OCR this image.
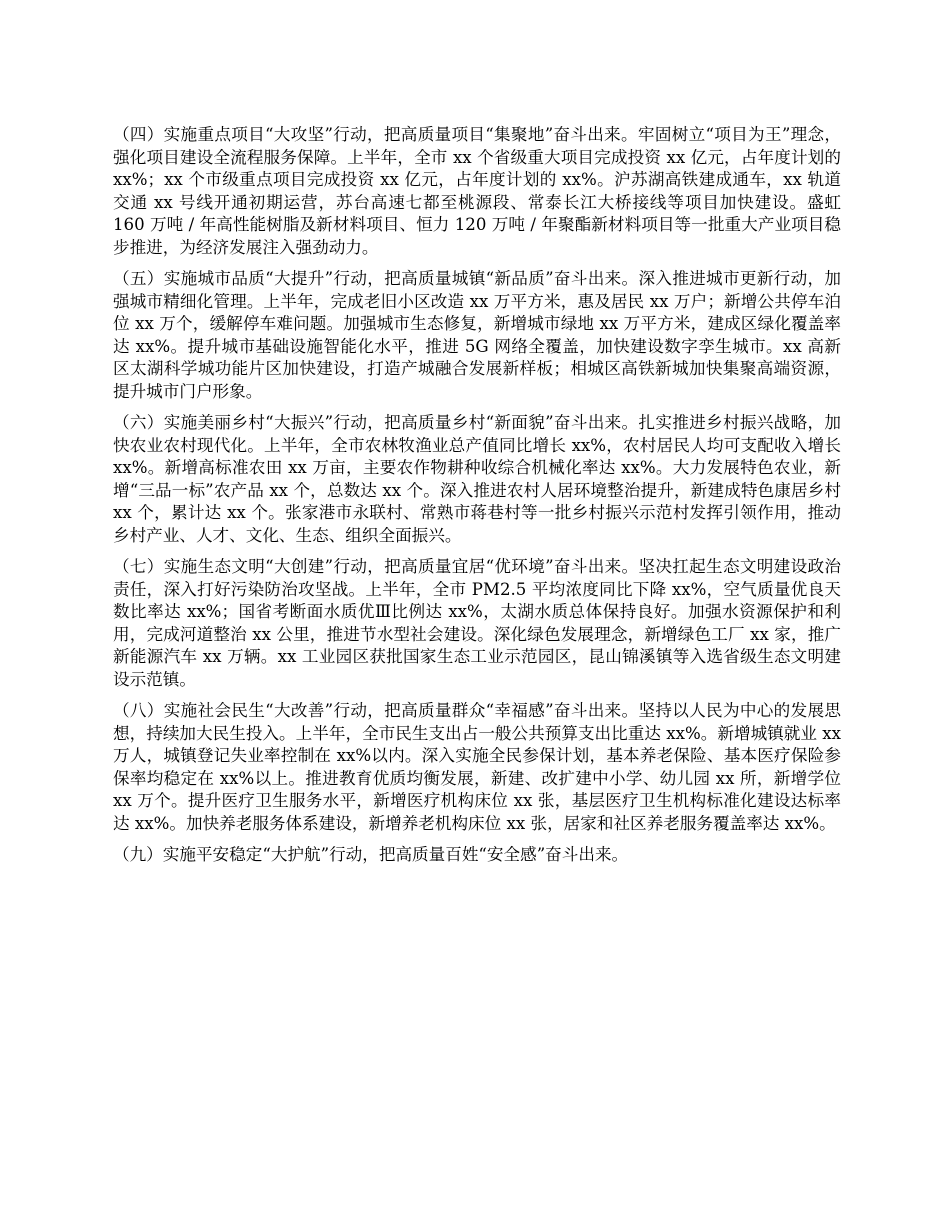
（四）实施重点项目“大攻坚”行动，把高质量项目“集聚地”奋斗出来。牢固树立“项目为王”理念，强化项目建设全流程服务保障。上半年，全市 xx 个省级重大项目完成投资 xx 亿元，占年度计划的 xx%；xx 个市级重点项目完成投资 xx 亿元，占年度计划的 xx%。沪苏湖高铁建成通车，xx 轨道交通 xx 号线开通初期运营，苏台高速七都至桃源段、常泰长江大桥接线等项目加快建设。盛虹 160 万吨 / 年高性能树脂及新材料项目、恒力 120 万吨 / 年聚酯新材料项目等一批重大产业项目稳步推进，为经济发展注入强劲动力。

（五）实施城市品质“大提升”行动，把高质量城镇“新品质”奋斗出来。深入推进城市更新行动，加强城市精细化管理。上半年，完成老旧小区改造 xx 万平方米，惠及居民 xx 万户；新增公共停车泊位 xx 万个，缓解停车难问题。加强城市生态修复，新增城市绿地 xx 万平方米，建成区绿化覆盖率达 xx%。提升城市基础设施智能化水平，推进 5G 网络全覆盖，加快建设数字孪生城市。xx 高新区太湖科学城功能片区加快建设，打造产城融合发展新样板；相城区高铁新城加快集聚高端资源，提升城市门户形象。

（六）实施美丽乡村“大振兴”行动，把高质量乡村“新面貌”奋斗出来。扎实推进乡村振兴战略，加快农业农村现代化。上半年，全市农林牧渔业总产值同比增长 xx%，农村居民人均可支配收入增长 xx%。新增高标准农田 xx 万亩，主要农作物耕种收综合机械化率达 xx%。大力发展特色农业，新增“三品一标”农产品 xx 个，总数达 xx 个。深入推进农村人居环境整治提升，新建成特色康居乡村 xx 个，累计达 xx 个。张家港市永联村、常熟市蒋巷村等一批乡村振兴示范村发挥引领作用，推动乡村产业、人才、文化、生态、组织全面振兴。

（七）实施生态文明“大创建”行动，把高质量宜居“优环境”奋斗出来。坚决扛起生态文明建设政治责任，深入打好污染防治攻坚战。上半年，全市 PM2.5 平均浓度同比下降 xx%，空气质量优良天数比率达 xx%；国省考断面水质优Ⅲ比例达 xx%，太湖水质总体保持良好。加强水资源保护和利用，完成河道整治 xx 公里，推进节水型社会建设。深化绿色发展理念，新增绿色工厂 xx 家，推广新能源汽车 xx 万辆。xx 工业园区获批国家生态工业示范园区，昆山锦溪镇等入选省级生态文明建设示范镇。

（八）实施社会民生“大改善”行动，把高质量群众“幸福感”奋斗出来。坚持以人民为中心的发展思想，持续加大民生投入。上半年，全市民生支出占一般公共预算支出比重达 xx%。新增城镇就业 xx 万人，城镇登记失业率控制在 xx%以内。深入实施全民参保计划，基本养老保险、基本医疗保险参保率均稳定在 xx%以上。推进教育优质均衡发展，新建、改扩建中小学、幼儿园 xx 所，新增学位 xx 万个。提升医疗卫生服务水平，新增医疗机构床位 xx 张，基层医疗卫生机构标准化建设达标率达 xx%。加快养老服务体系建设，新增养老机构床位 xx 张，居家和社区养老服务覆盖率达 xx%。

（九）实施平安稳定“大护航”行动，把高质量百姓“安全感”奋斗出来。
